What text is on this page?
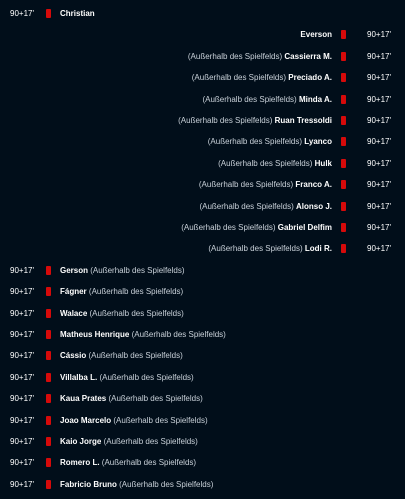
90+17'	Christian
Everson	90+17'
(Außerhalb des Spielfelds) Cassierra M.	90+17'
(Außerhalb des Spielfelds) Preciado A.	90+17'
(Außerhalb des Spielfelds) Minda A.	90+17'
(Außerhalb des Spielfelds) Ruan Tressoldi	90+17'
(Außerhalb des Spielfelds) Lyanco	90+17'
(Außerhalb des Spielfelds) Hulk	90+17'
(Außerhalb des Spielfelds) Franco A.	90+17'
(Außerhalb des Spielfelds) Alonso J.	90+17'
(Außerhalb des Spielfelds) Gabriel Delfim	90+17'
(Außerhalb des Spielfelds) Lodi R.	90+17'
90+17'	Gerson (Außerhalb des Spielfelds)
90+17'	Fágner (Außerhalb des Spielfelds)
90+17'	Walace (Außerhalb des Spielfelds)
90+17'	Matheus Henrique (Außerhalb des Spielfelds)
90+17'	Cássio (Außerhalb des Spielfelds)
90+17'	Villalba L. (Außerhalb des Spielfelds)
90+17'	Kaua Prates (Außerhalb des Spielfelds)
90+17'	Joao Marcelo (Außerhalb des Spielfelds)
90+17'	Kaio Jorge (Außerhalb des Spielfelds)
90+17'	Romero L. (Außerhalb des Spielfelds)
90+17'	Fabricio Bruno (Außerhalb des Spielfelds)
